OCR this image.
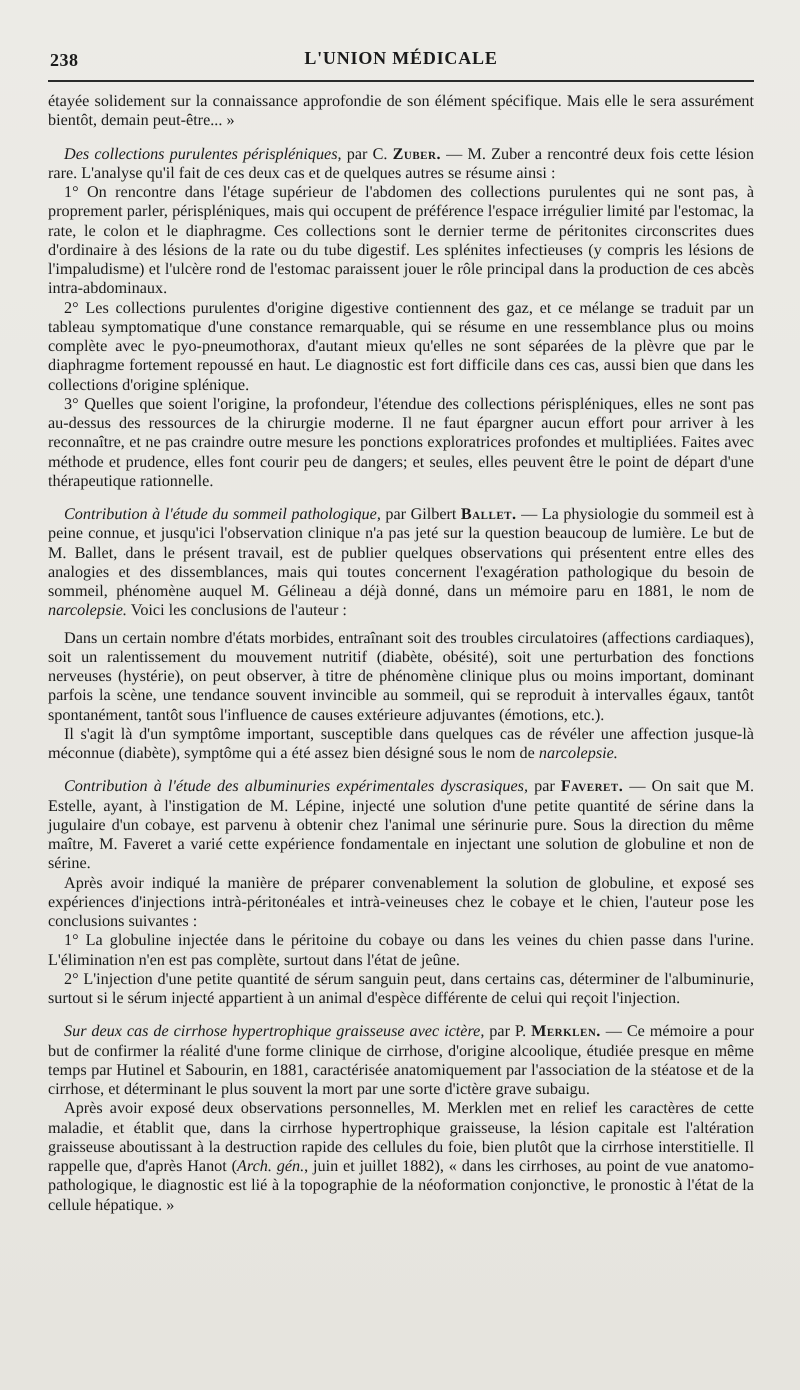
238	L'UNION MÉDICALE

étayée solidement sur la connaissance approfondie de son élément spécifique. Mais elle le sera assurément bientôt, demain peut-être... »

Des collections purulentes périspléniques, par C. Zuber. — M. Zuber a rencontré deux fois cette lésion rare. L'analyse qu'il fait de ces deux cas et de quelques autres se résume ainsi :

1° On rencontre dans l'étage supérieur de l'abdomen des collections purulentes qui ne sont pas, à proprement parler, périspléniques, mais qui occupent de préférence l'espace irrégulier limité par l'estomac, la rate, le colon et le diaphragme. Ces collections sont le dernier terme de péritonites circonscrites dues d'ordinaire à des lésions de la rate ou du tube digestif. Les splénites infectieuses (y compris les lésions de l'impaludisme) et l'ulcère rond de l'estomac paraissent jouer le rôle principal dans la production de ces abcès intra-abdominaux.

2° Les collections purulentes d'origine digestive contiennent des gaz, et ce mélange se traduit par un tableau symptomatique d'une constance remarquable, qui se résume en une ressemblance plus ou moins complète avec le pyo-pneumothorax, d'autant mieux qu'elles ne sont séparées de la plèvre que par le diaphragme fortement repoussé en haut. Le diagnostic est fort difficile dans ces cas, aussi bien que dans les collections d'origine splénique.

3° Quelles que soient l'origine, la profondeur, l'étendue des collections périspléniques, elles ne sont pas au-dessus des ressources de la chirurgie moderne. Il ne faut épargner aucun effort pour arriver à les reconnaître, et ne pas craindre outre mesure les ponctions exploratrices profondes et multipliées. Faites avec méthode et prudence, elles font courir peu de dangers; et seules, elles peuvent être le point de départ d'une thérapeutique rationnelle.

Contribution à l'étude du sommeil pathologique, par Gilbert Ballet. — La physiologie du sommeil est à peine connue, et jusqu'ici l'observation clinique n'a pas jeté sur la question beaucoup de lumière. Le but de M. Ballet, dans le présent travail, est de publier quelques observations qui présentent entre elles des analogies et des dissemblances, mais qui toutes concernent l'exagération pathologique du besoin de sommeil, phénomène auquel M. Gélineau a déjà donné, dans un mémoire paru en 1881, le nom de narcolepsie. Voici les conclusions de l'auteur :

Dans un certain nombre d'états morbides, entraînant soit des troubles circulatoires (affections cardiaques), soit un ralentissement du mouvement nutritif (diabète, obésité), soit une perturbation des fonctions nerveuses (hystérie), on peut observer, à titre de phénomène clinique plus ou moins important, dominant parfois la scène, une tendance souvent invincible au sommeil, qui se reproduit à intervalles égaux, tantôt spontanément, tantôt sous l'influence de causes extérieure adjuvantes (émotions, etc.).

Il s'agit là d'un symptôme important, susceptible dans quelques cas de révéler une affection jusque-là méconnue (diabète), symptôme qui a été assez bien désigné sous le nom de narcolepsie.

Contribution à l'étude des albuminuries expérimentales dyscrasiques, par Faveret. — On sait que M. Estelle, ayant, à l'instigation de M. Lépine, injecté une solution d'une petite quantité de sérine dans la jugulaire d'un cobaye, est parvenu à obtenir chez l'animal une sérinurie pure. Sous la direction du même maître, M. Faveret a varié cette expérience fondamentale en injectant une solution de globuline et non de sérine.

Après avoir indiqué la manière de préparer convenablement la solution de globuline, et exposé ses expériences d'injections intrà-péritonéales et intrà-veineuses chez le cobaye et le chien, l'auteur pose les conclusions suivantes :

1° La globuline injectée dans le péritoine du cobaye ou dans les veines du chien passe dans l'urine. L'élimination n'en est pas complète, surtout dans l'état de jeûne.

2° L'injection d'une petite quantité de sérum sanguin peut, dans certains cas, déterminer de l'albuminurie, surtout si le sérum injecté appartient à un animal d'espèce différente de celui qui reçoit l'injection.

Sur deux cas de cirrhose hypertrophique graisseuse avec ictère, par P. Merklen. — Ce mémoire a pour but de confirmer la réalité d'une forme clinique de cirrhose, d'origine alcoolique, étudiée presque en même temps par Hutinel et Sabourin, en 1881, caractérisée anatomiquement par l'association de la stéatose et de la cirrhose, et déterminant le plus souvent la mort par une sorte d'ictère grave subaigu.

Après avoir exposé deux observations personnelles, M. Merklen met en relief les caractères de cette maladie, et établit que, dans la cirrhose hypertrophique graisseuse, la lésion capitale est l'altération graisseuse aboutissant à la destruction rapide des cellules du foie, bien plutôt que la cirrhose interstitielle. Il rappelle que, d'après Hanot (Arch. gén., juin et juillet 1882), « dans les cirrhoses, au point de vue anatomo-pathologique, le diagnostic est lié à la topographie de la néoformation conjonctive, le pronostic à l'état de la cellule hépatique. »
